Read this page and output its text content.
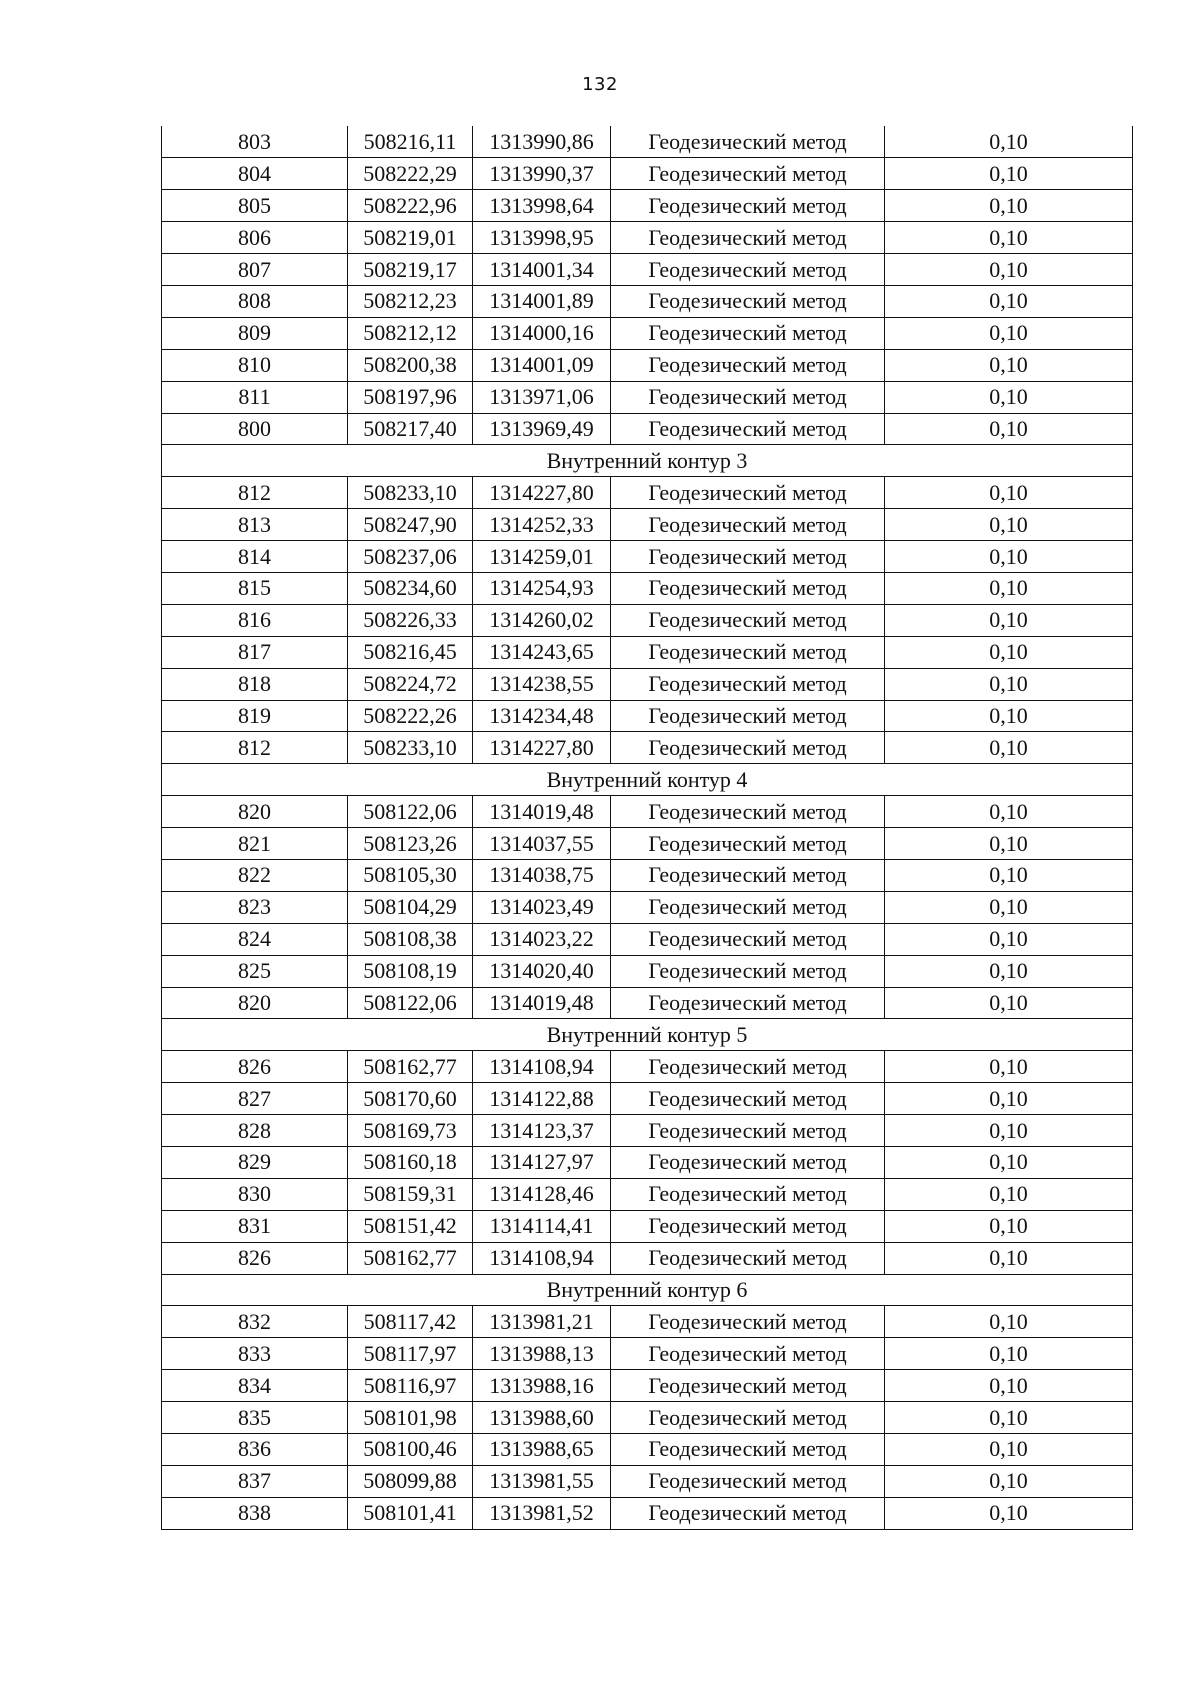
132
803	508216,11	1313990,86	Геодезический метод	0,10
804	508222,29	1313990,37	Геодезический метод	0,10
805	508222,96	1313998,64	Геодезический метод	0,10
806	508219,01	1313998,95	Геодезический метод	0,10
807	508219,17	1314001,34	Геодезический метод	0,10
808	508212,23	1314001,89	Геодезический метод	0,10
809	508212,12	1314000,16	Геодезический метод	0,10
810	508200,38	1314001,09	Геодезический метод	0,10
811	508197,96	1313971,06	Геодезический метод	0,10
800	508217,40	1313969,49	Геодезический метод	0,10
Внутренний контур 3				
812	508233,10	1314227,80	Геодезический метод	0,10
813	508247,90	1314252,33	Геодезический метод	0,10
814	508237,06	1314259,01	Геодезический метод	0,10
815	508234,60	1314254,93	Геодезический метод	0,10
816	508226,33	1314260,02	Геодезический метод	0,10
817	508216,45	1314243,65	Геодезический метод	0,10
818	508224,72	1314238,55	Геодезический метод	0,10
819	508222,26	1314234,48	Геодезический метод	0,10
812	508233,10	1314227,80	Геодезический метод	0,10
Внутренний контур 4				
820	508122,06	1314019,48	Геодезический метод	0,10
821	508123,26	1314037,55	Геодезический метод	0,10
822	508105,30	1314038,75	Геодезический метод	0,10
823	508104,29	1314023,49	Геодезический метод	0,10
824	508108,38	1314023,22	Геодезический метод	0,10
825	508108,19	1314020,40	Геодезический метод	0,10
820	508122,06	1314019,48	Геодезический метод	0,10
Внутренний контур 5				
826	508162,77	1314108,94	Геодезический метод	0,10
827	508170,60	1314122,88	Геодезический метод	0,10
828	508169,73	1314123,37	Геодезический метод	0,10
829	508160,18	1314127,97	Геодезический метод	0,10
830	508159,31	1314128,46	Геодезический метод	0,10
831	508151,42	1314114,41	Геодезический метод	0,10
826	508162,77	1314108,94	Геодезический метод	0,10
Внутренний контур 6				
832	508117,42	1313981,21	Геодезический метод	0,10
833	508117,97	1313988,13	Геодезический метод	0,10
834	508116,97	1313988,16	Геодезический метод	0,10
835	508101,98	1313988,60	Геодезический метод	0,10
836	508100,46	1313988,65	Геодезический метод	0,10
837	508099,88	1313981,55	Геодезический метод	0,10
838	508101,41	1313981,52	Геодезический метод	0,10
